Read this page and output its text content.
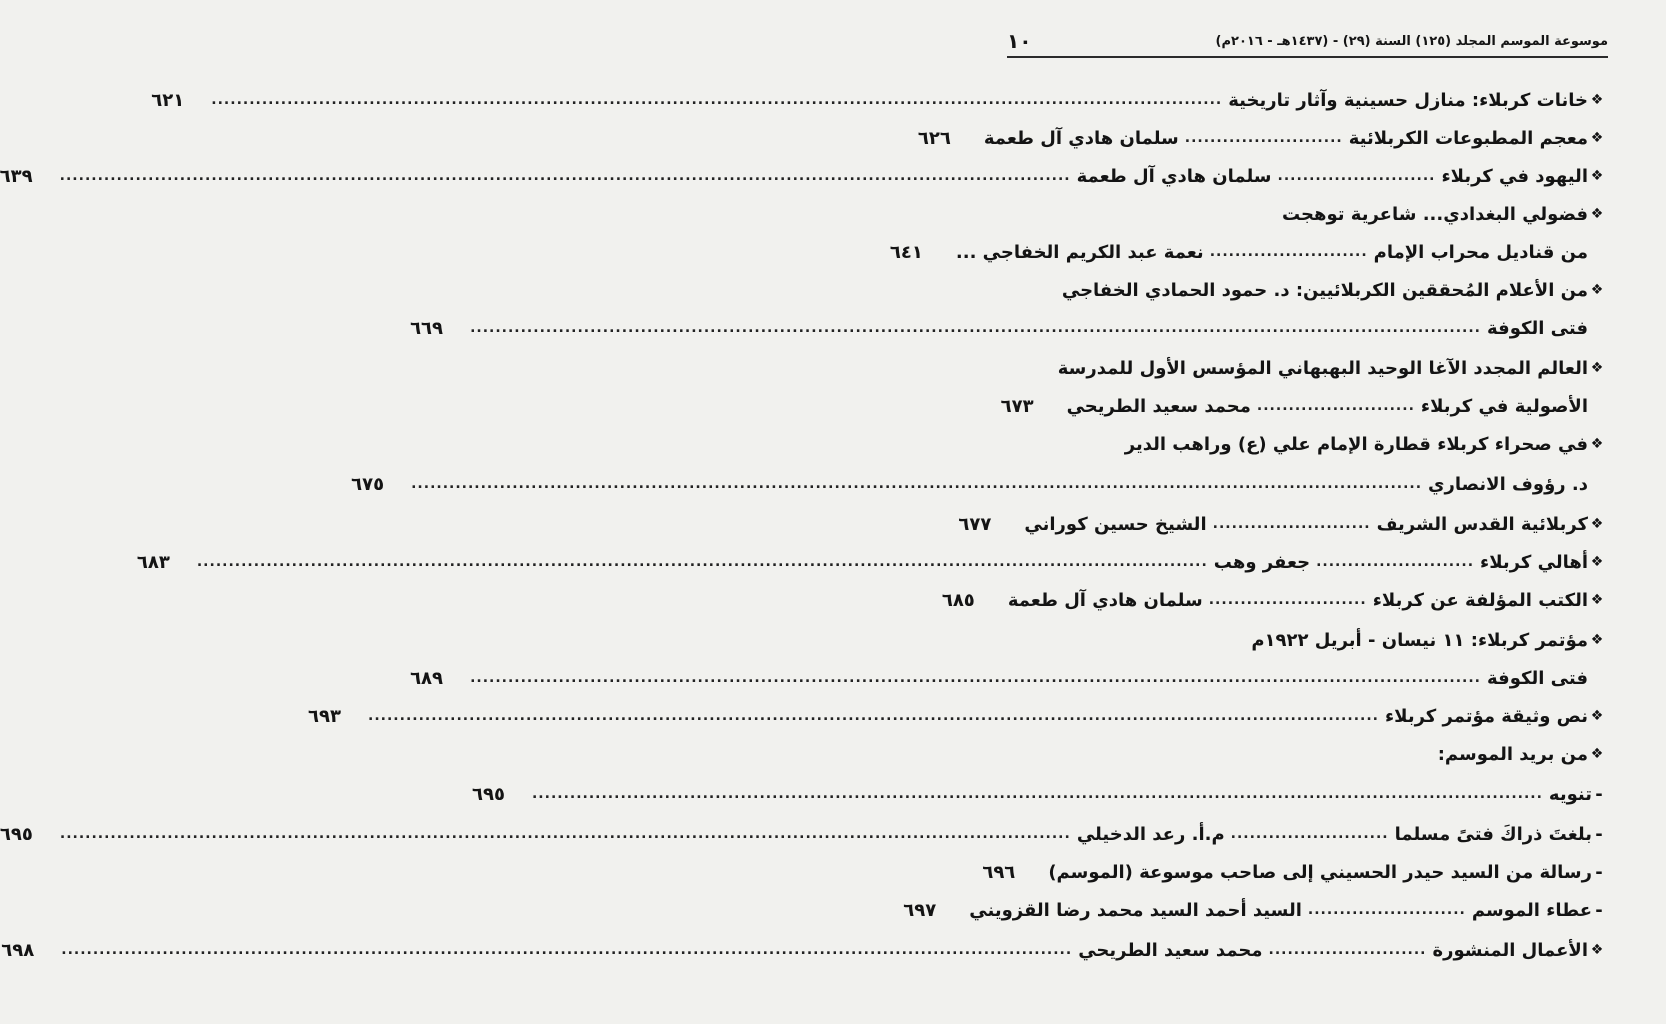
موسوعة الموسم المجلد (١٢٥) السنة (٢٩) - (١٤٣٧هـ - ٢٠١٦م)
١٠
❖
خانات كربلاء: منازل حسينية وآثار تاريخية
................................................................................................................................................................
٦٢١
❖
معجم المطبوعات الكربلائية
.........................
سلمان هادي آل طعمة
٦٢٦
❖
اليهود في كربلاء
.........................
سلمان هادي آل طعمة
................................................................................................................................................................
٦٣٩
❖
فضولي البغدادي... شاعرية توهجت
من قناديل محراب الإمام
.........................
نعمة عبد الكريم الخفاجي ...
٦٤١
❖
من الأعلام المُحققين الكربلائيين: د. حمود الحمادي الخفاجي
فتى الكوفة
................................................................................................................................................................
٦٦٩
❖
العالم المجدد الآغا الوحيد البهبهاني المؤسس الأول للمدرسة
الأصولية في كربلاء
.........................
محمد سعيد الطريحي
٦٧٣
❖
في صحراء كربلاء قطارة الإمام علي (ع) وراهب الدير
د. رؤوف الانصاري
................................................................................................................................................................
٦٧٥
❖
كربلائية القدس الشريف
.........................
الشيخ حسين كوراني
٦٧٧
❖
أهالي كربلاء
.........................
جعفر وهب
................................................................................................................................................................
٦٨٣
❖
الكتب المؤلفة عن كربلاء
.........................
سلمان هادي آل طعمة
٦٨٥
❖
مؤتمر كربلاء: ١١ نيسان - أبريل ١٩٢٢م
فتى الكوفة
................................................................................................................................................................
٦٨٩
❖
نص وثيقة مؤتمر كربلاء
................................................................................................................................................................
٦٩٣
❖
من بريد الموسم:
-
تنويه
................................................................................................................................................................
٦٩٥
-
بلغتَ ذراكَ فتىً مسلما
.........................
م.أ. رعد الدخيلي
................................................................................................................................................................
٦٩٥
-
رسالة من السيد حيدر الحسيني إلى صاحب موسوعة (الموسم)
٦٩٦
-
عطاء الموسم
.........................
السيد أحمد السيد محمد رضا القزويني
٦٩٧
❖
الأعمال المنشورة
.........................
محمد سعيد الطريحي
................................................................................................................................................................
٦٩٨
